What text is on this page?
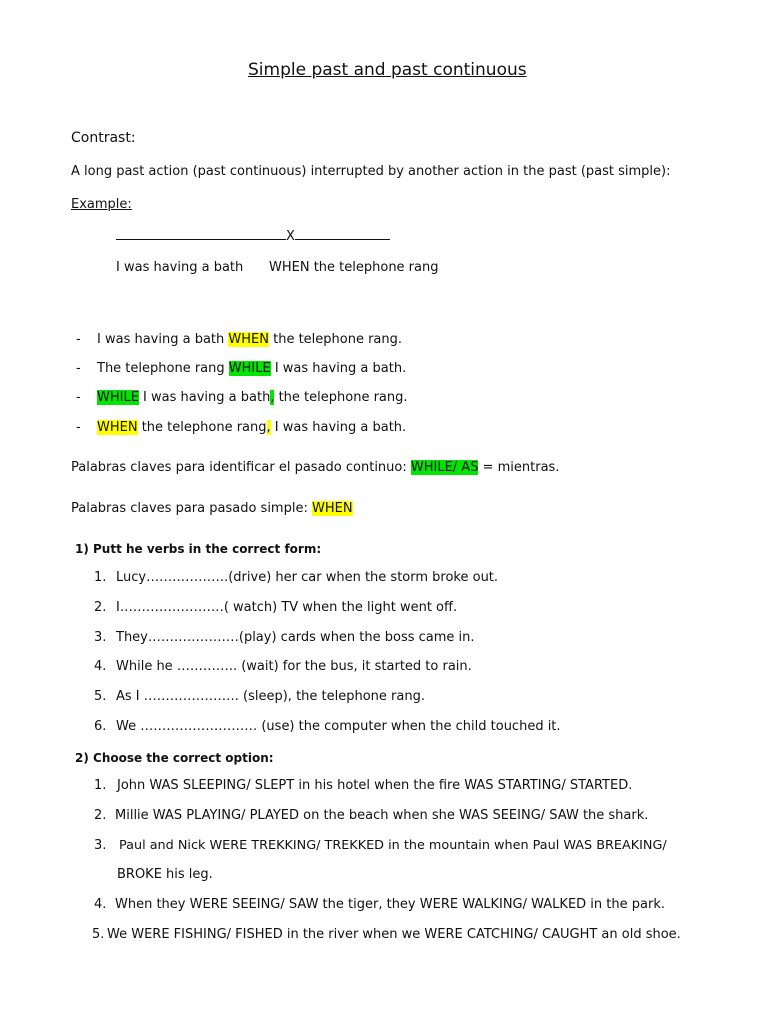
Simple past and past continuous
Contrast:
A long past action (past continuous) interrupted by another action in the past (past simple):
Example:
X
I was having a bath WHEN the telephone rang
- I was having a bath WHEN the telephone rang.
- The telephone rang WHILE I was having a bath.
- WHILE I was having a bath, the telephone rang.
- WHEN the telephone rang, I was having a bath.
Palabras claves para identificar el pasado continuo: WHILE/ AS = mientras.
Palabras claves para pasado simple: WHEN
1) Putt he verbs in the correct form:
1. Lucy……………….(drive) her car when the storm broke out.
2. I……………………( watch) TV when the light went off.
3. They…………………(play) cards when the boss came in.
4. While he ………….. (wait) for the bus, it started to rain.
5. As I …………………. (sleep), the telephone rang.
6. We ……………………… (use) the computer when the child touched it.
2) Choose the correct option:
1. John WAS SLEEPING/ SLEPT in his hotel when the fire WAS STARTING/ STARTED.
2. Millie WAS PLAYING/ PLAYED on the beach when she WAS SEEING/ SAW the shark.
3. Paul and Nick WERE TREKKING/ TREKKED in the mountain when Paul WAS BREAKING/
BROKE his leg.
4. When they WERE SEEING/ SAW the tiger, they WERE WALKING/ WALKED in the park.
5. We WERE FISHING/ FISHED in the river when we WERE CATCHING/ CAUGHT an old shoe.
